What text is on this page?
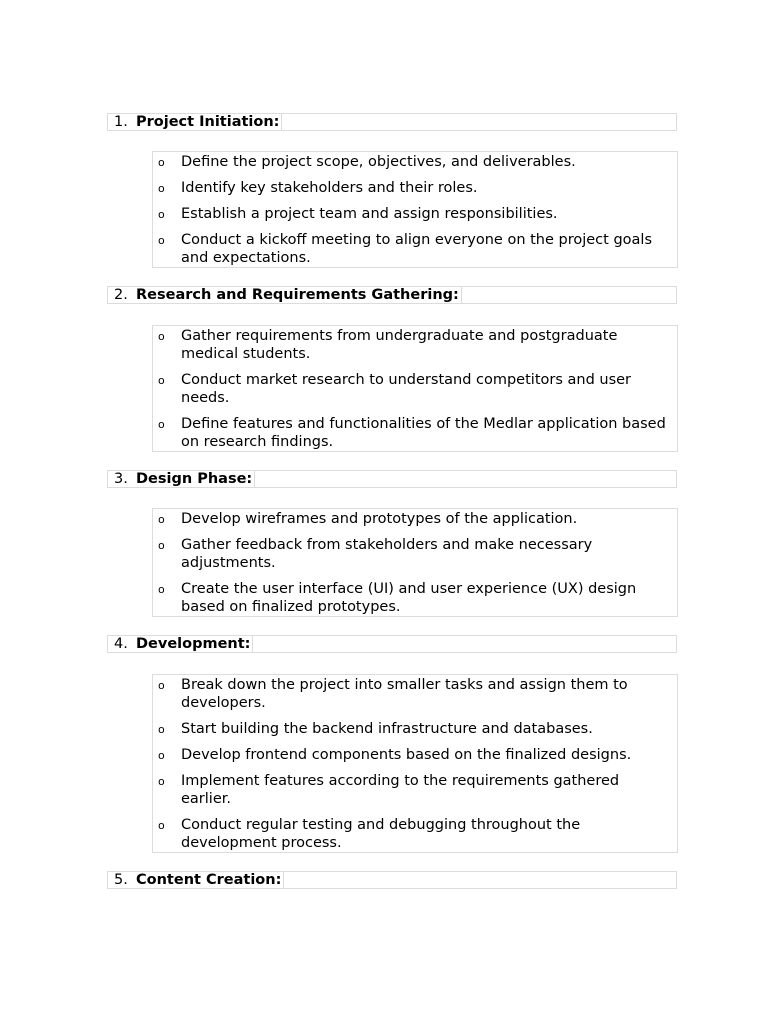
1. Project Initiation:
o Define the project scope, objectives, and deliverables.
o Identify key stakeholders and their roles.
o Establish a project team and assign responsibilities.
o Conduct a kickoff meeting to align everyone on the project goals and expectations.
2. Research and Requirements Gathering:
o Gather requirements from undergraduate and postgraduate medical students.
o Conduct market research to understand competitors and user needs.
o Define features and functionalities of the Medlar application based on research findings.
3. Design Phase:
o Develop wireframes and prototypes of the application.
o Gather feedback from stakeholders and make necessary adjustments.
o Create the user interface (UI) and user experience (UX) design based on finalized prototypes.
4. Development:
o Break down the project into smaller tasks and assign them to developers.
o Start building the backend infrastructure and databases.
o Develop frontend components based on the finalized designs.
o Implement features according to the requirements gathered earlier.
o Conduct regular testing and debugging throughout the development process.
5. Content Creation:
